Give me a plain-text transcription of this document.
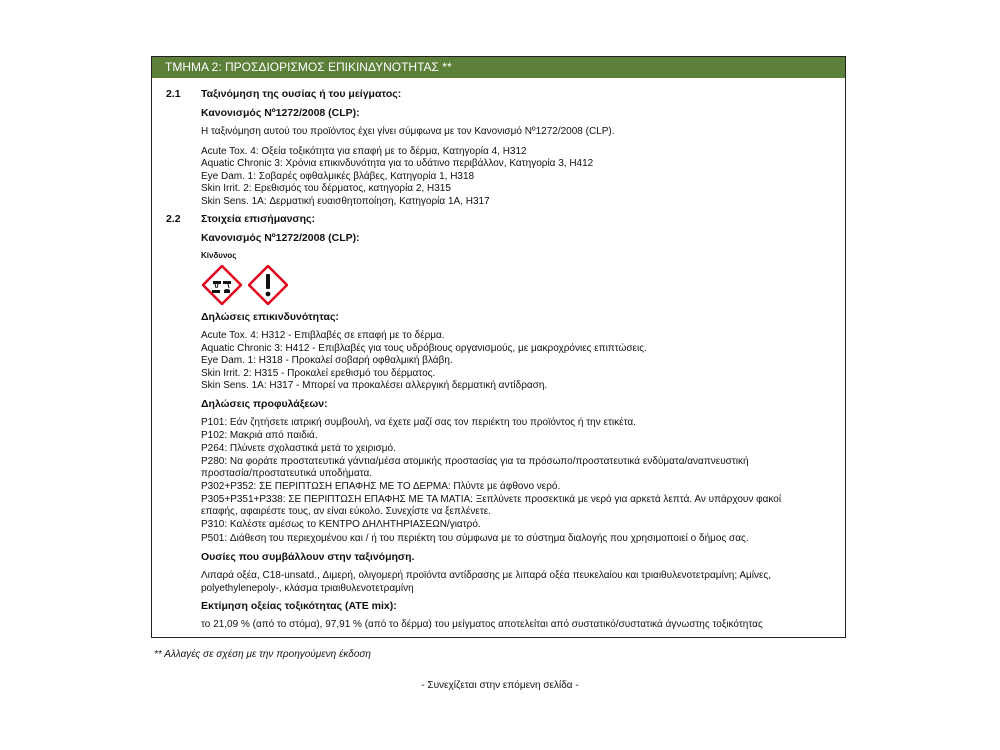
ΤΜΗΜΑ 2: ΠΡΟΣΔΙΟΡΙΣΜΟΣ ΕΠΙΚΙΝΔΥΝΟΤΗΤΑΣ **
2.1 Ταξινόμηση της ουσίας ή του μείγματος:
Κανονισμός Nº1272/2008 (CLP):
Η ταξινόμηση αυτού του προϊόντος έχει γίνει σύμφωνα με τον Κανονισμό Nº1272/2008 (CLP).
Acute Tox. 4: Οξεία τοξικότητα για επαφή με το δέρμα, Κατηγορία 4, H312
Aquatic Chronic 3: Χρόνια επικινδυνότητα για το υδάτινο περιβάλλον, Κατηγορία 3, H412
Eye Dam. 1: Σοβαρές οφθαλμικές βλάβες, Κατηγορία 1, H318
Skin Irrit. 2: Ερεθισμός του δέρματος, κατηγορία 2, H315
Skin Sens. 1A: Δερματική ευαισθητοποίηση, Κατηγορία 1A, H317
2.2 Στοιχεία επισήμανσης:
Κανονισμός Nº1272/2008 (CLP):
Κίνδυνος
Δηλώσεις επικινδυνότητας:
Acute Tox. 4: H312 - Επιβλαβές σε επαφή με το δέρμα.
Aquatic Chronic 3: H412 - Επιβλαβές για τους υδρόβιους οργανισμούς, με μακροχρόνιες επιπτώσεις.
Eye Dam. 1: H318 - Προκαλεί σοβαρή οφθαλμική βλάβη.
Skin Irrit. 2: H315 - Προκαλεί ερεθισμό του δέρματος.
Skin Sens. 1A: H317 - Μπορεί να προκαλέσει αλλεργική δερματική αντίδραση.
Δηλώσεις προφυλάξεων:
P101: Εάν ζητήσετε ιατρική συμβουλή, να έχετε μαζί σας τον περιέκτη του προϊόντος ή την ετικέτα.
P102: Μακριά από παιδιά.
P264: Πλύνετε σχολαστικά μετά το χειρισμό.
P280: Να φοράτε προστατευτικά γάντια/μέσα ατομικής προστασίας για τα πρόσωπο/προστατευτικά ενδύματα/αναπνευστική
προστασία/προστατευτικά υποδήματα.
P302+P352: ΣΕ ΠΕΡΙΠΤΩΣΗ ΕΠΑΦΗΣ ΜΕ ΤΟ ΔΕΡΜΑ: Πλύντε με άφθονο νερό.
P305+P351+P338: ΣΕ ΠΕΡΙΠΤΩΣΗ ΕΠΑΦΗΣ ΜΕ ΤΑ ΜΑΤΙΑ: Ξεπλύνετε προσεκτικά με νερό για αρκετά λεπτά. Αν υπάρχουν φακοί
επαφής, αφαιρέστε τους, αν είναι εύκολο. Συνεχίστε να ξεπλένετε.
P310: Καλέστε αμέσως το ΚΕΝΤΡΟ ΔΗΛΗΤΗΡΙΑΣΕΩΝ/γιατρό.
P501: Διάθεση του περιεχομένου και / ή του περιέκτη του σύμφωνα με το σύστημα διαλογής που χρησιμοποιεί ο δήμος σας.
Ουσίες που συμβάλλουν στην ταξινόμηση.
Λιπαρά οξέα, C18-unsatd., Διμερή, ολιγομερή προϊόντα αντίδρασης με λιπαρά οξέα πευκελαίου και τριαιθυλενοτετραμίνη; Αμίνες,
polyethylenepoly-, κλάσμα τριαιθυλενοτετραμίνη
Εκτίμηση οξείας τοξικότητας (ATE mix):
το 21,09 % (από το στόμα), 97,91 % (από το δέρμα) του μείγματος αποτελείται από συστατικό/συστατικά άγνωστης τοξικότητας
** Αλλαγές σε σχέση με την προηγούμενη έκδοση
- Συνεχίζεται στην επόμενη σελίδα -
